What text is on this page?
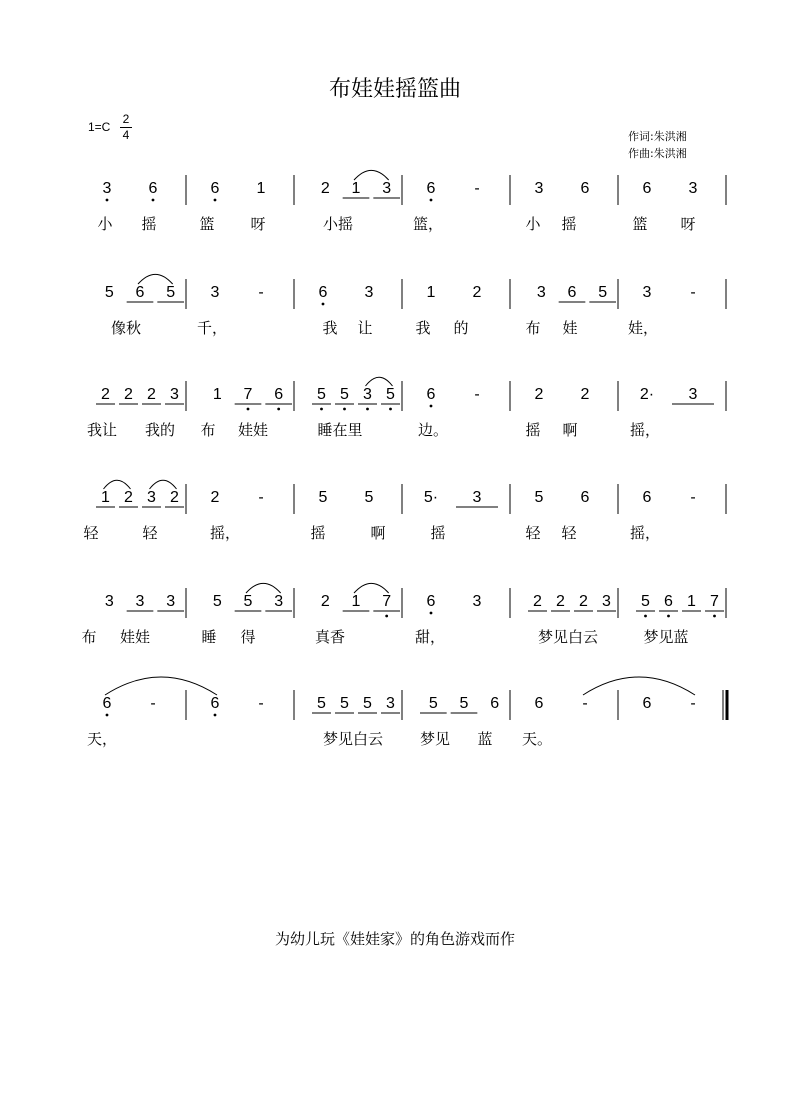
布娃娃摇篮曲
$1=C \frac{2}{4}$	作词:朱洪湘
作曲:朱洪湘
3 6	6 1	2 1 3 6 -	3 6	6 3
小 摇	篮 呀	小摇	篮，	小 摇	篮 呀
5 6 5 3 -	6 3	1 2	3 6 5 3 -
像秋	千，	我 让	我 的	布 娃	娃，
2 2 2 3 1 7 6 5 5 3 5 6 -	2 2	2· 3
我让 我的 布 娃娃	睡在里	边。	摇 啊	摇，
1 2 3 2 2 -	5 5	5· 3	5 6	6 -
轻	轻	摇，	摇	啊	摇	轻 轻	摇，
3 3 3 5 5 3 2 1 7 6 3	2 2 2 3 5 6 1 7
布 娃娃	睡 得	真香	甜，	梦见白云	梦见蓝
6 -	6 -	5 5 5 3 5 5 6 6 -	6 -
天，	梦见白云 梦见 蓝 天。
为幼儿玩《娃娃家》的角色游戏而作
